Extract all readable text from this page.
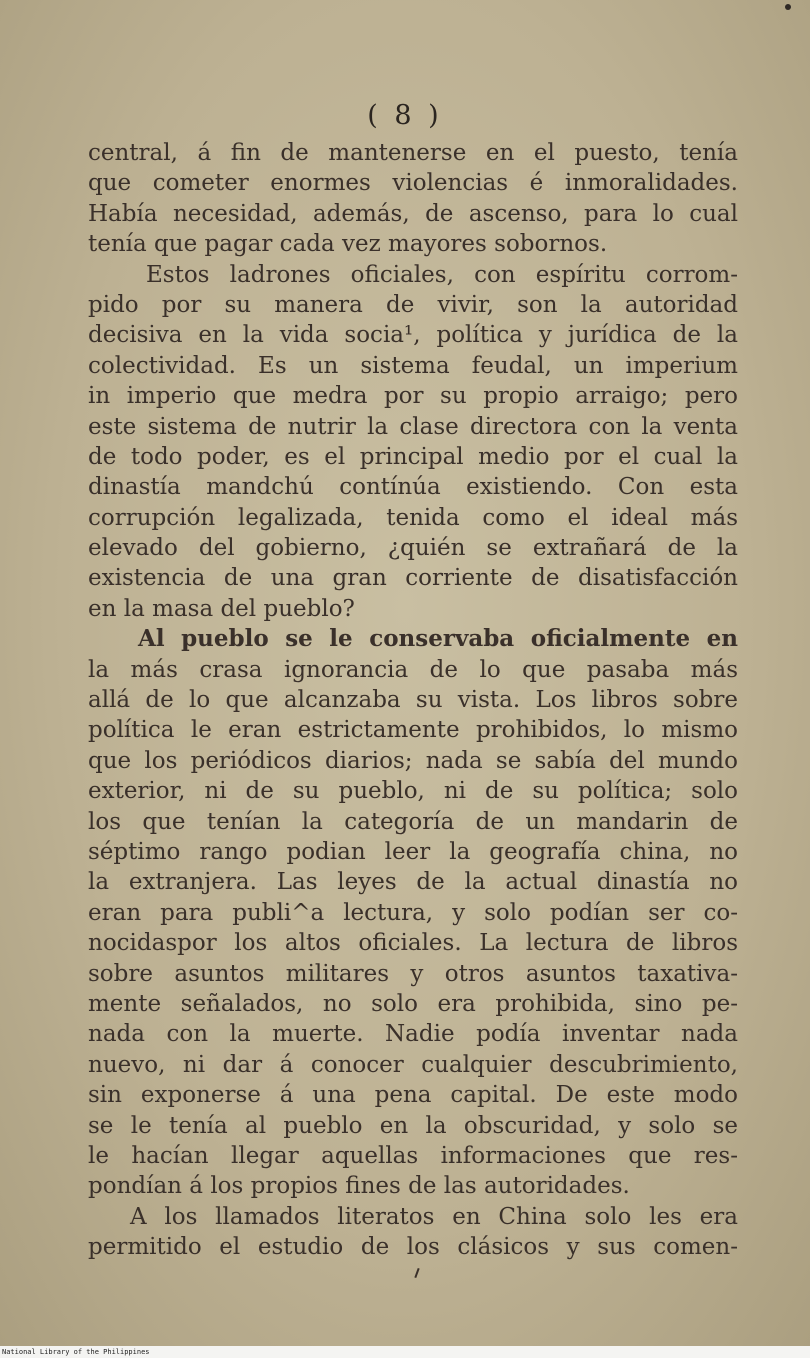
( 8 )
central, á fin de mantenerse en el puesto, tenía
que cometer enormes violencias é inmoralidades.
Había necesidad, además, de ascenso, para lo cual
tenía que pagar cada vez mayores sobornos.
Estos ladrones oficiales, con espíritu corrom-
pido por su manera de vivir, son la autoridad
decisiva en la vida socia¹, política y jurídica de la
colectividad. Es un sistema feudal, un imperium
in imperio que medra por su propio arraigo; pero
este sistema de nutrir la clase directora con la venta
de todo poder, es el principal medio por el cual la
dinastía mandchú contínúa existiendo. Con esta
corrupción legalizada, tenida como el ideal más
elevado del gobierno, ¿quién se extrañará de la
existencia de una gran corriente de disatisfacción
en la masa del pueblo?
Al pueblo se le conservaba oficialmente en
la más crasa ignorancia de lo que pasaba más
allá de lo que alcanzaba su vista. Los libros sobre
política le eran estrictamente prohibidos, lo mismo
que los periódicos diarios; nada se sabía del mundo
exterior, ni de su pueblo, ni de su política; solo
los que tenían la categoría de un mandarin de
séptimo rango podian leer la geografía china, no
la extranjera. Las leyes de la actual dinastía no
eran para publi^a lectura, y solo podían ser co-
nocidaspor los altos oficiales. La lectura de libros
sobre asuntos militares y otros asuntos taxativa-
mente señalados, no solo era prohibida, sino pe-
nada con la muerte. Nadie podía inventar nada
nuevo, ni dar á conocer cualquier descubrimiento,
sin exponerse á una pena capital. De este modo
se le tenía al pueblo en la obscuridad, y solo se
le hacían llegar aquellas informaciones que res-
pondían á los propios fines de las autoridades.
A los llamados literatos en China solo les era
permitido el estudio de los clásicos y sus comen-
National Library of the Philippines
